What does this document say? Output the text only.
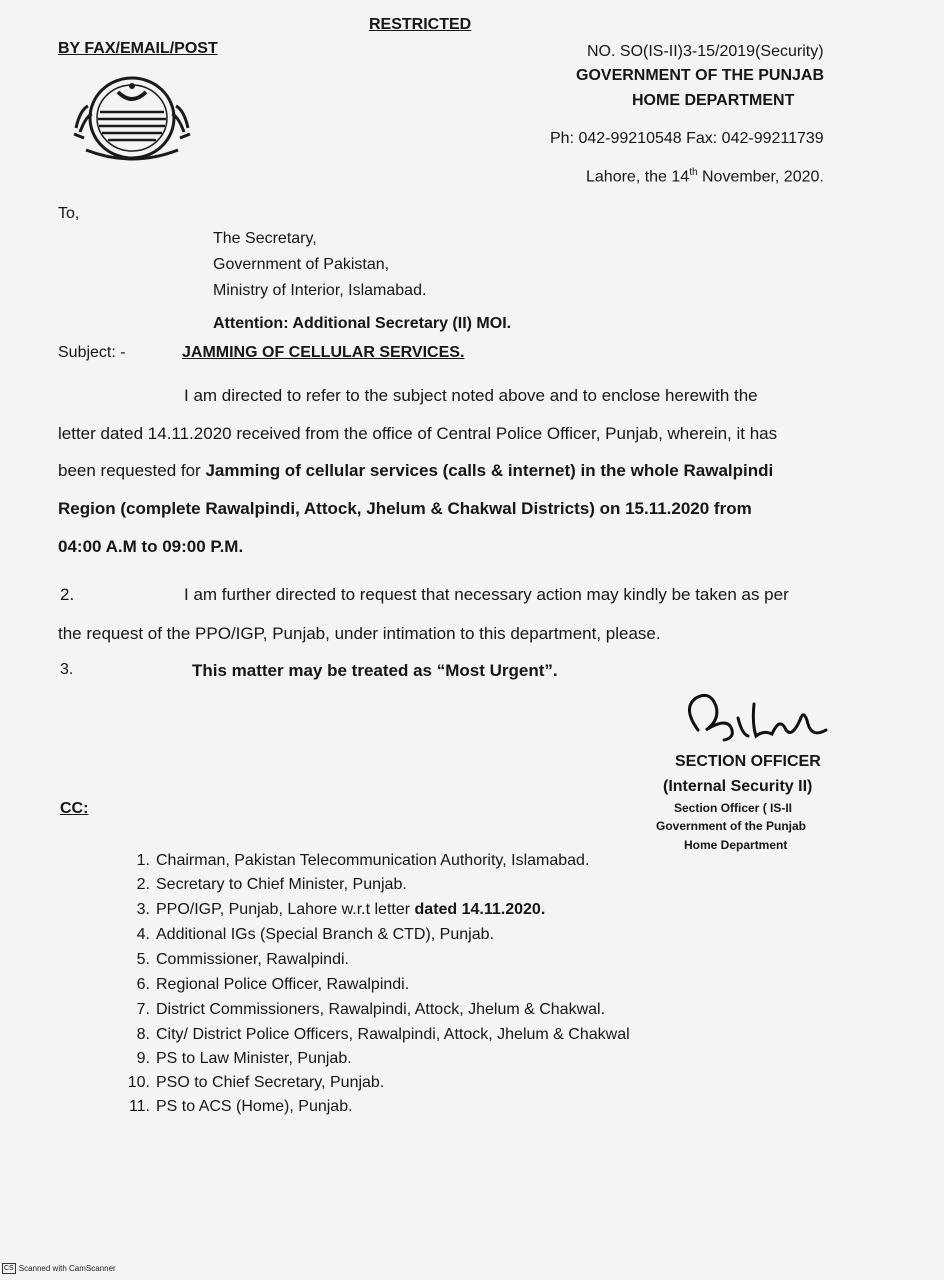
RESTRICTED
BY FAX/EMAIL/POST	NO. SO(IS-II)3-15/2019(Security)
GOVERNMENT OF THE PUNJAB
HOME DEPARTMENT
Ph: 042-99210548 Fax: 042-99211739
Lahore, the 14th November, 2020.
To,
The Secretary,
Government of Pakistan,
Ministry of Interior, Islamabad.
Attention: Additional Secretary (II) MOI.
Subject: -	JAMMING OF CELLULAR SERVICES.
I am directed to refer to the subject noted above and to enclose herewith the
letter dated 14.11.2020 received from the office of Central Police Officer, Punjab, wherein, it has
been requested for Jamming of cellular services (calls & internet) in the whole Rawalpindi
Region (complete Rawalpindi, Attock, Jhelum & Chakwal Districts) on 15.11.2020 from
04:00 A.M to 09:00 P.M.
2.	I am further directed to request that necessary action may kindly be taken as per
the request of the PPO/IGP, Punjab, under intimation to this department, please.
3.	This matter may be treated as “Most Urgent”.
SECTION OFFICER
(Internal Security II)
Section Officer ( IS-II
Government of the Punjab
Home Department
CC:
1. Chairman, Pakistan Telecommunication Authority, Islamabad.
2. Secretary to Chief Minister, Punjab.
3. PPO/IGP, Punjab, Lahore w.r.t letter dated 14.11.2020.
4. Additional IGs (Special Branch & CTD), Punjab.
5. Commissioner, Rawalpindi.
6. Regional Police Officer, Rawalpindi.
7. District Commissioners, Rawalpindi, Attock, Jhelum & Chakwal.
8. City/ District Police Officers, Rawalpindi, Attock, Jhelum & Chakwal
9. PS to Law Minister, Punjab.
10. PSO to Chief Secretary, Punjab.
11. PS to ACS (Home), Punjab.
CS Scanned with CamScanner
